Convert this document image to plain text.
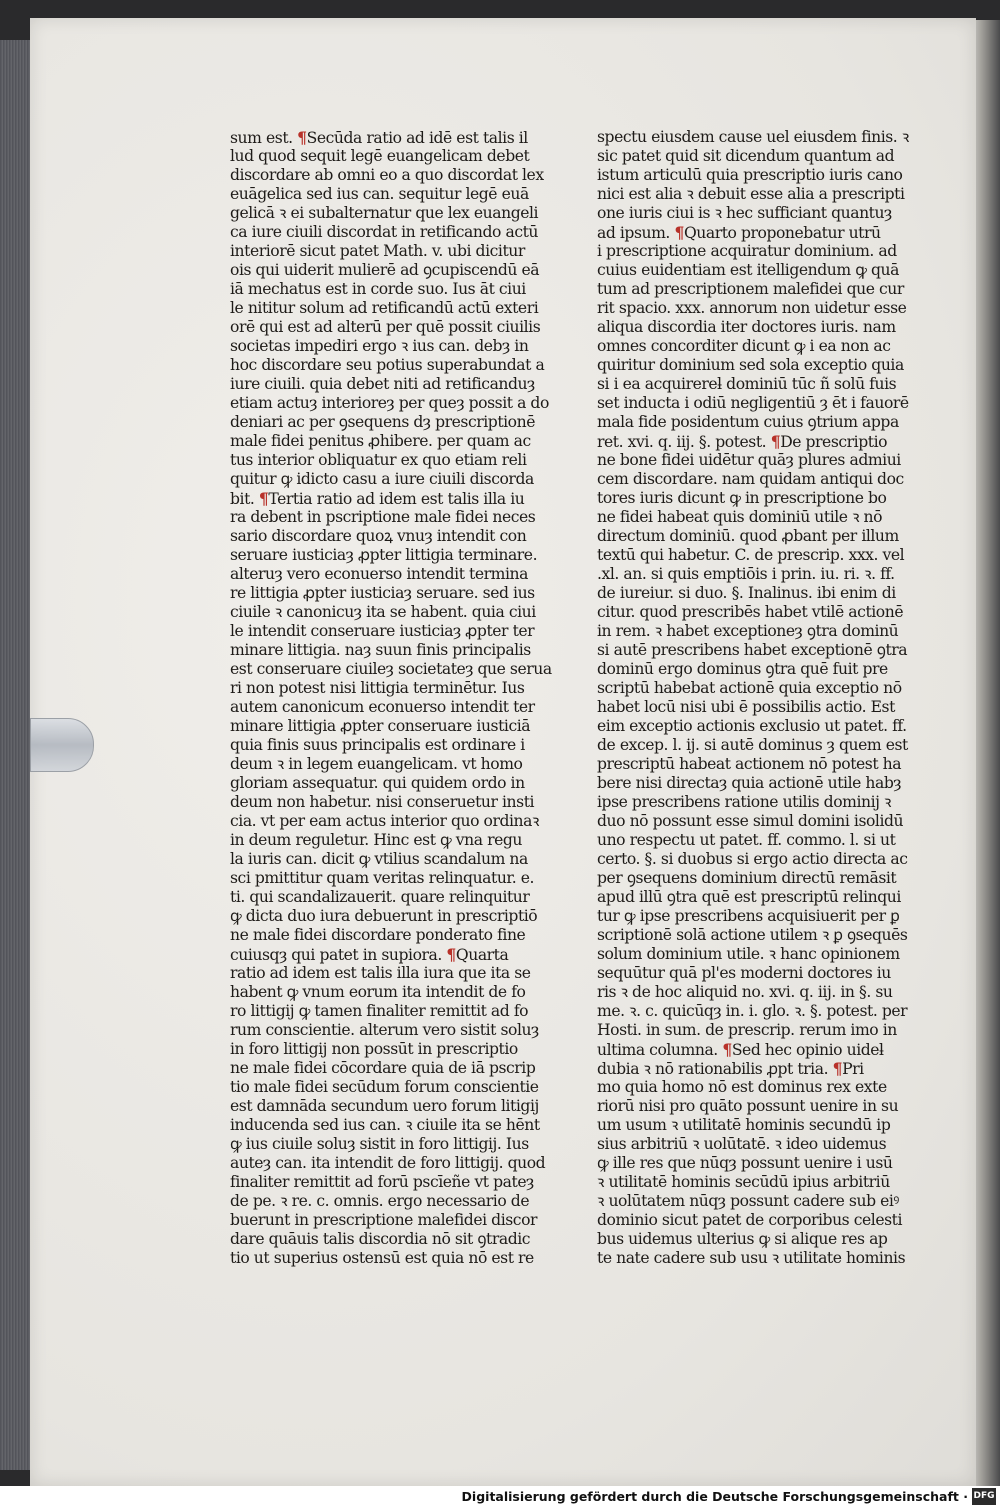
sum est. ¶Secūda ratio ad idē est talis il
lud quod sequit legē euangelicam debet
discordare ab omni eo a quo discordat lex
euāgelica sed ius can. sequitur legē euā
gelicā ꝛ ei subalternatur que lex euangeli
ca iure ciuili discordat in retificando actū
interiorē sicut patet Math. v. ubi dicitur
ois qui uiderit mulierē ad ꝯcupiscendū eā
iā mechatus est in corde suo. Ius āt ciui
le nititur solum ad retificandū actū exteri
orē qui est ad alterū per quē possit ciuilis
societas impediri ergo ꝛ ius can. debȝ in
hoc discordare seu potius superabundat a
iure ciuili. quia debet niti ad retificanduȝ
etiam actuȝ interioreȝ per queȝ possit a do
deniari ac per ꝯsequens dȝ prescriptionē
male fidei penitus ꝓhibere. per quam ac
tus interior obliquatur ex quo etiam reli
quitur ꝙ idicto casu a iure ciuili discorda
bit. ¶Tertia ratio ad idem est talis illa iu
ra debent in pscriptione male fidei neces
sario discordare quoꝝ vnuȝ intendit con
seruare iusticiaȝ ꝓpter littigia terminare.
alteruȝ vero econuerso intendit termina
re littigia ꝓpter iusticiaȝ seruare. sed ius
ciuile ꝛ canonicuȝ ita se habent. quia ciui
le intendit conseruare iusticiaȝ ꝓpter ter
minare littigia. naȝ suun finis principalis
est conseruare ciuileȝ societateȝ que serua
ri non potest nisi littigia terminētur. Ius
autem canonicum econuerso intendit ter
minare littigia ꝓpter conseruare iusticiā
quia finis suus principalis est ordinare i
deum ꝛ in legem euangelicam. vt homo
gloriam assequatur. qui quidem ordo in
deum non habetur. nisi conseruetur insti
cia. vt per eam actus interior quo ordinaꝛ
in deum reguletur. Hinc est ꝙ vna regu
la iuris can. dicit ꝙ vtilius scandalum na
sci pmittitur quam veritas relinquatur. e.
ti. qui scandalizauerit. quare relinquitur
ꝙ dicta duo iura debuerunt in prescriptiō
ne male fidei discordare ponderato fine
cuiusqȝ qui patet in supiora. ¶Quarta
ratio ad idem est talis illa iura que ita se
habent ꝙ vnum eorum ita intendit de fo
ro littigij ꝙ tamen finaliter remittit ad fo
rum conscientie. alterum vero sistit soluȝ
in foro littigij non possūt in prescriptio
ne male fidei cōcordare quia de iā pscrip
tio male fidei secūdum forum conscientie
est damnāda secundum uero forum litigij
inducenda sed ius can. ꝛ ciuile ita se hēnt
ꝙ ius ciuile soluȝ sistit in foro littigij. Ius
auteȝ can. ita intendit de foro littigij. quod
finaliter remittit ad forū pscīeñe vt pateȝ
de pe. ꝛ re. c. omnis. ergo necessario de
buerunt in prescriptione malefidei discor
dare quāuis talis discordia nō sit ꝯtradic
tio ut superius ostensū est quia nō est re
spectu eiusdem cause uel eiusdem finis. ꝛ
sic patet quid sit dicendum quantum ad
istum articulū quia prescriptio iuris cano
nici est alia ꝛ debuit esse alia a prescripti
one iuris ciui is ꝛ hec sufficiant quantuȝ
ad ipsum. ¶Quarto proponebatur utrū
i prescriptione acquiratur dominium. ad
cuius euidentiam est itelligendum ꝙ quā
tum ad prescriptionem malefidei que cur
rit spacio. xxx. annorum non uidetur esse
aliqua discordia iter doctores iuris. nam
omnes concorditer dicunt ꝙ i ea non ac
quiritur dominium sed sola exceptio quia
si i ea acquirereƚ dominiū tūc ñ solū fuis
set inducta i odiū negligentiū ȝ ēt i fauorē
mala fide posidentum cuius ꝯtrium appa
ret. xvi. q. iij. §. potest. ¶De prescriptio
ne bone fidei uidētur quāȝ plures admiui
cem discordare. nam quidam antiqui doc
tores iuris dicunt ꝙ in prescriptione bo
ne fidei habeat quis dominiū utile ꝛ nō
directum dominiū. quod ꝓbant per illum
textū qui habetur. C. de prescrip. xxx. vel
.xl. an. si quis emptiōis i prin. iu. ri. ꝛ. ff.
de iureiur. si duo. §. Inalinus. ibi enim di
citur. quod prescribēs habet vtilē actionē
in rem. ꝛ habet exceptioneȝ ꝯtra dominū
si autē prescribens habet exceptionē ꝯtra
dominū ergo dominus ꝯtra quē fuit pre
scriptū habebat actionē quia exceptio nō
habet locū nisi ubi ē possibilis actio. Est
eim exceptio actionis exclusio ut patet. ff.
de excep. l. ij. si autē dominus ȝ quem est
prescriptū habeat actionem nō potest ha
bere nisi directaȝ quia actionē utile habȝ
ipse prescribens ratione utilis dominij ꝛ
duo nō possunt esse simul domini isolidū
uno respectu ut patet. ff. commo. l. si ut
certo. §. si duobus si ergo actio directa ac
per ꝯsequens dominium directū remāsit
apud illū ꝯtra quē est prescriptū relinqui
tur ꝙ ipse prescribens acquisiuerit per ꝑ
scriptionē solā actione utilem ꝛ ꝑ ꝯsequēs
solum dominium utile. ꝛ hanc opinionem
sequūtur quā pl'es moderni doctores iu
ris ꝛ de hoc aliquid no. xvi. q. iij. in §. su
me. ꝛ. c. quicūqȝ in. i. glo. ꝛ. §. potest. per
Hosti. in sum. de prescrip. rerum imo in
ultima columna. ¶Sed hec opinio uideƚ
dubia ꝛ nō rationabilis ꝓpt tria. ¶Pri
mo quia homo nō est dominus rex exte
riorū nisi pro quāto possunt uenire in su
um usum ꝛ utilitatē hominis secundū ip
sius arbitriū ꝛ uolūtatē. ꝛ ideo uidemus
ꝙ ille res que nūqȝ possunt uenire i usū
ꝛ utilitatē hominis secūdū ipius arbitriū
ꝛ uolūtatem nūqȝ possunt cadere sub eiꝰ
dominio sicut patet de corporibus celesti
bus uidemus ulterius ꝙ si alique res ap
te nate cadere sub usu ꝛ utilitate hominis
Digitalisierung gefördert durch die Deutsche Forschungsgemeinschaft · DFG
